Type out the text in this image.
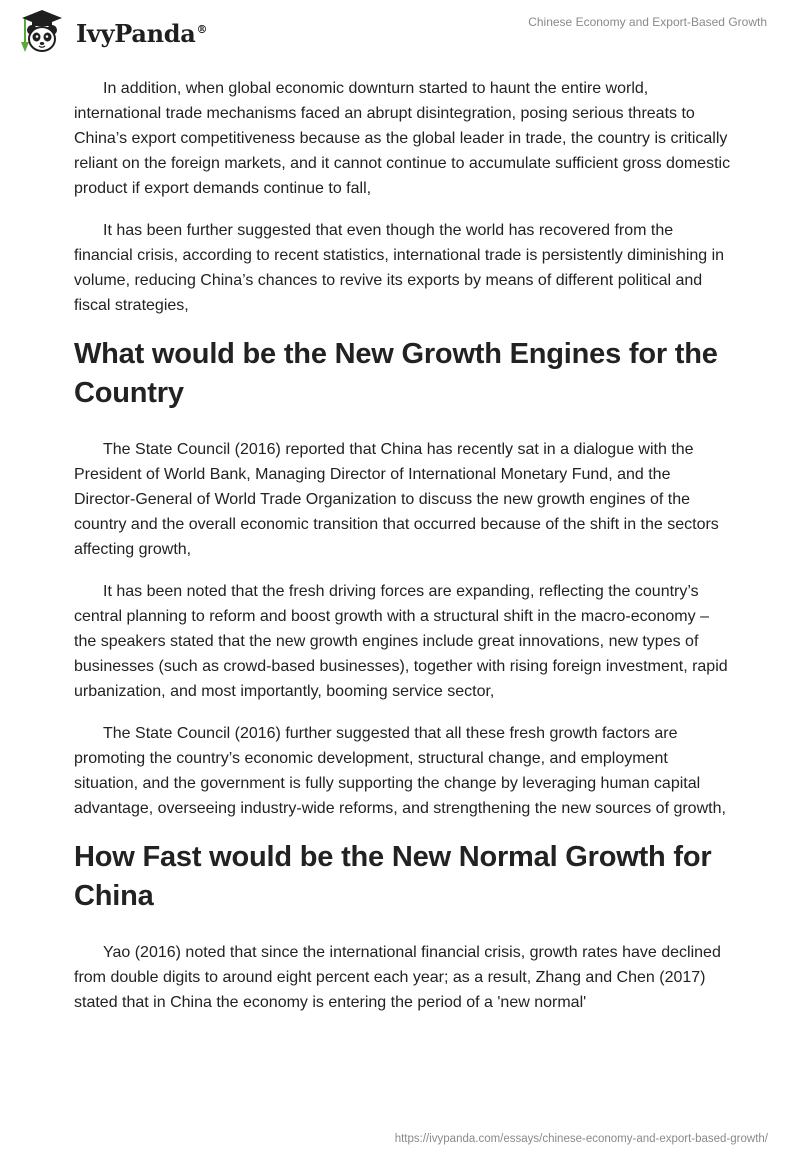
IvyPanda®	Chinese Economy and Export-Based Growth

In addition, when global economic downturn started to haunt the entire world, international trade mechanisms faced an abrupt disintegration, posing serious threats to China’s export competitiveness because as the global leader in trade, the country is critically reliant on the foreign markets, and it cannot continue to accumulate sufficient gross domestic product if export demands continue to fall,

It has been further suggested that even though the world has recovered from the financial crisis, according to recent statistics, international trade is persistently diminishing in volume, reducing China’s chances to revive its exports by means of different political and fiscal strategies,

What would be the New Growth Engines for the Country

The State Council (2016) reported that China has recently sat in a dialogue with the President of World Bank, Managing Director of International Monetary Fund, and the Director-General of World Trade Organization to discuss the new growth engines of the country and the overall economic transition that occurred because of the shift in the sectors affecting growth,

It has been noted that the fresh driving forces are expanding, reflecting the country’s central planning to reform and boost growth with a structural shift in the macro-economy – the speakers stated that the new growth engines include great innovations, new types of businesses (such as crowd-based businesses), together with rising foreign investment, rapid urbanization, and most importantly, booming service sector,

The State Council (2016) further suggested that all these fresh growth factors are promoting the country’s economic development, structural change, and employment situation, and the government is fully supporting the change by leveraging human capital advantage, overseeing industry-wide reforms, and strengthening the new sources of growth,

How Fast would be the New Normal Growth for China

Yao (2016) noted that since the international financial crisis, growth rates have declined from double digits to around eight percent each year; as a result, Zhang and Chen (2017) stated that in China the economy is entering the period of a 'new normal'

https://ivypanda.com/essays/chinese-economy-and-export-based-growth/
